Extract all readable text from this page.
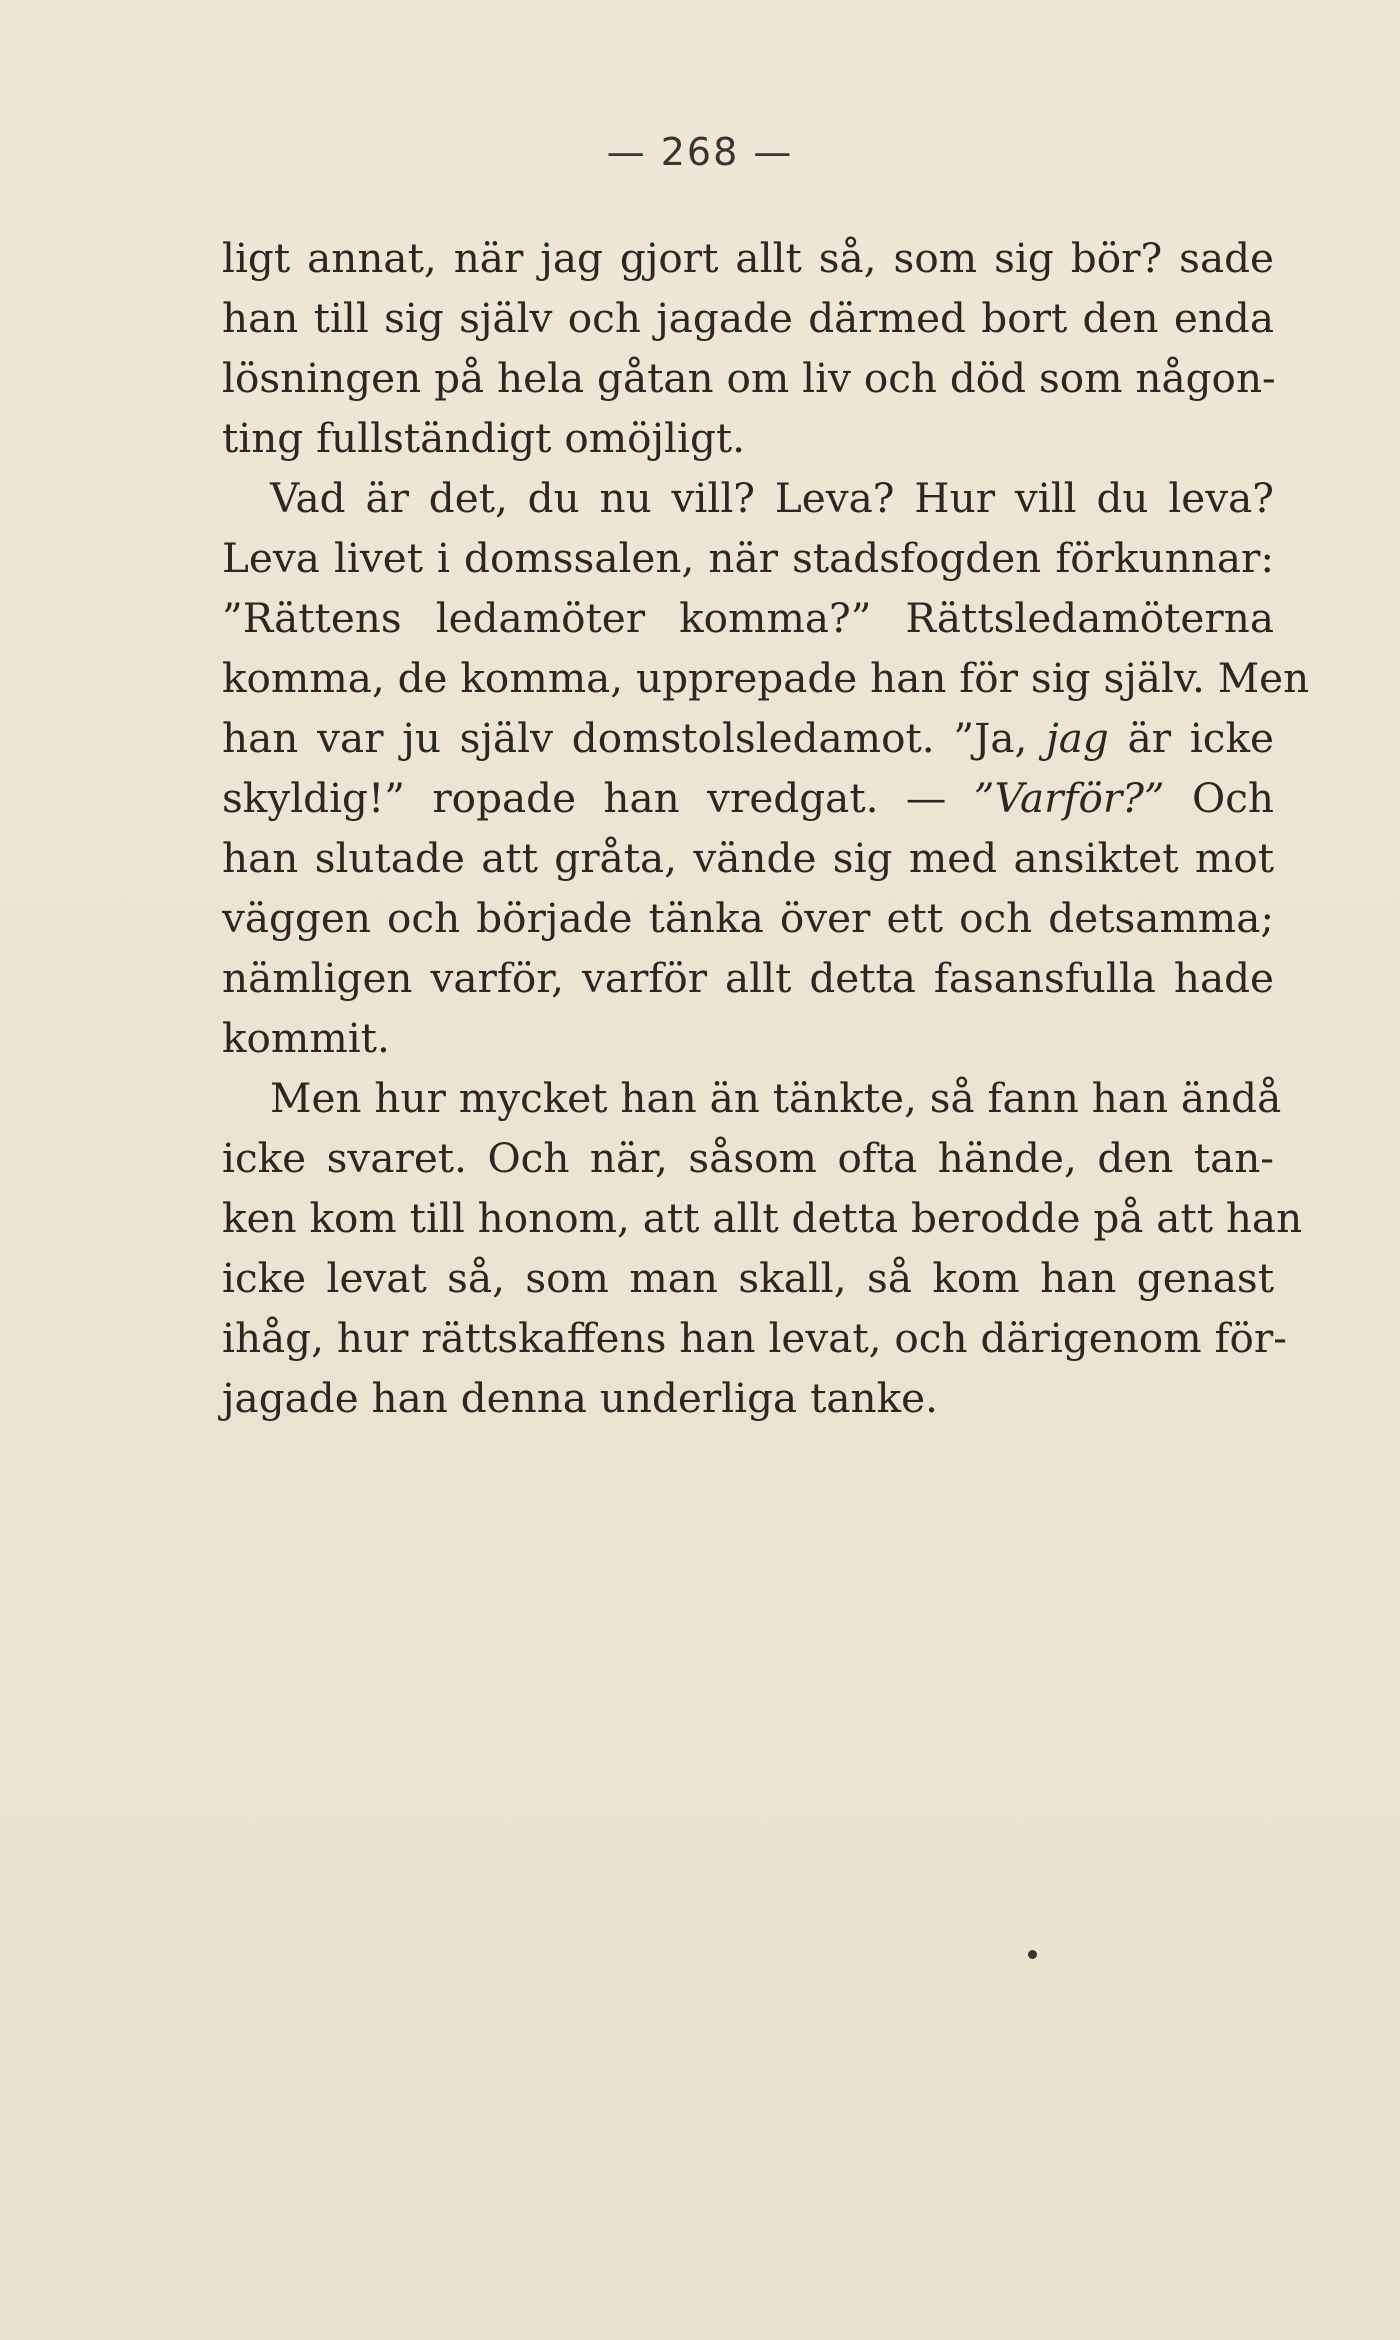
— 268 —
ligt annat, när jag gjort allt så, som sig bör? sade
han till sig själv och jagade därmed bort den enda
lösningen på hela gåtan om liv och död som någon-
ting fullständigt omöjligt.
Vad är det, du nu vill? Leva? Hur vill du leva?
Leva livet i domssalen, när stadsfogden förkunnar:
”Rättens ledamöter komma?” Rättsledamöterna
komma, de komma, upprepade han för sig själv. Men
han var ju själv domstolsledamot. ”Ja, jag är icke
skyldig!” ropade han vredgat. — ”Varför?” Och
han slutade att gråta, vände sig med ansiktet mot
väggen och började tänka över ett och detsamma;
nämligen varför, varför allt detta fasansfulla hade
kommit.
Men hur mycket han än tänkte, så fann han ändå
icke svaret. Och när, såsom ofta hände, den tan-
ken kom till honom, att allt detta berodde på att han
icke levat så, som man skall, så kom han genast
ihåg, hur rättskaffens han levat, och därigenom för-
jagade han denna underliga tanke.
